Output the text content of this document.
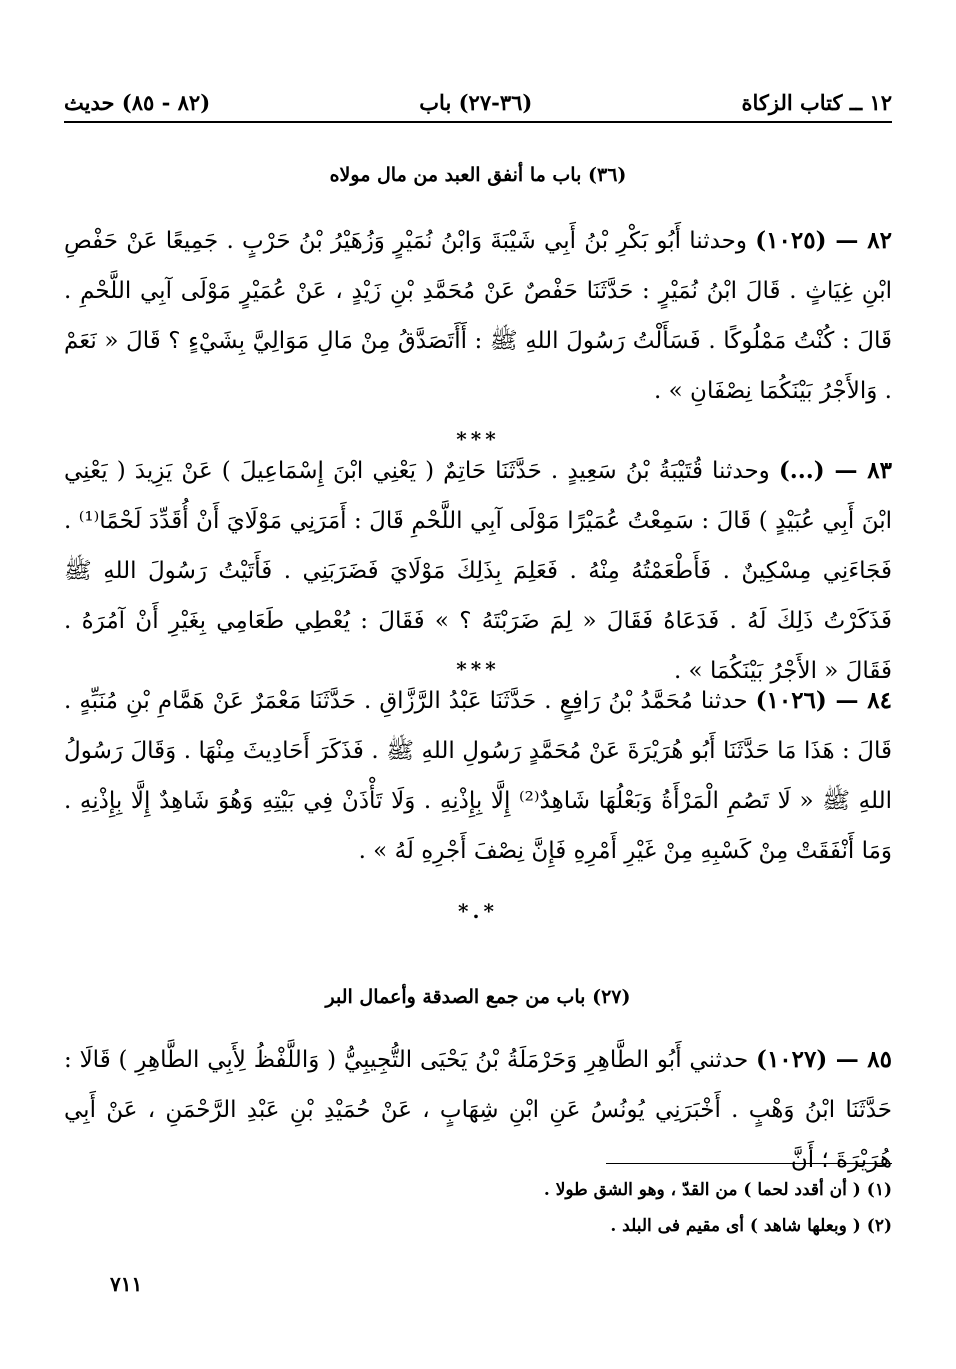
١٢ ــ كتاب الزكاة
(٣٦-٢٧) باب
(٨٢ - ٨٥) حديث
(٣٦) باب ما أنفق العبد من مال مولاه
٨٢ — (١٠٢٥) وحدثنا أَبُو بَكْرِ بْنُ أَبِي شَيْبَةَ وَابْنُ نُمَيْرٍ وَزُهَيْرُ بْنُ حَرْبٍ . جَمِيعًا عَنْ حَفْصِ ابْنِ غِيَاثٍ . قَالَ ابْنُ نُمَيْرٍ : حَدَّثَنَا حَفْصٌ عَنْ مُحَمَّدِ بْنِ زَيْدٍ ، عَنْ عُمَيْرٍ مَوْلَى آبِي اللَّحْمِ . قَالَ : كُنْتُ مَمْلُوكًا . فَسَأَلْتُ رَسُولَ اللهِ ﷺ : أَأَتَصَدَّقُ مِنْ مَالِ مَوَالِيَّ بِشَيْءٍ ؟ قَالَ « نَعَمْ . وَالأَجْرُ بَيْنَكُمَا نِصْفَانِ » .
***
٨٣ — (...) وحدثنا قُتَيْبَةُ بْنُ سَعِيدٍ . حَدَّثَنَا حَاتِمٌ ( يَعْنِي ابْنَ إِسْمَاعِيلَ ) عَنْ يَزِيدَ ( يَعْنِي ابْنَ أَبِي عُبَيْدٍ ) قَالَ : سَمِعْتُ عُمَيْرًا مَوْلَى آبِي اللَّحْمِ قَالَ : أَمَرَنِي مَوْلَايَ أَنْ أُقَدِّدَ لَحْمًا⁽¹⁾ . فَجَاءَنِي مِسْكِينٌ . فَأَطْعَمْتُهُ مِنْهُ . فَعَلِمَ بِذَلِكَ مَوْلَايَ فَضَرَبَنِي . فَأَتَيْتُ رَسُولَ اللهِ ﷺ فَذَكَرْتُ ذَلِكَ لَهُ . فَدَعَاهُ فَقَالَ « لِمَ ضَرَبْتَهُ ؟ » فَقَالَ : يُعْطِي طَعَامِي بِغَيْرِ أَنْ آمُرَهُ . فَقَالَ « الأَجْرُ بَيْنَكُمَا » .
***
٨٤ — (١٠٢٦) حدثنا مُحَمَّدُ بْنُ رَافِعٍ . حَدَّثَنَا عَبْدُ الرَّزَّاقِ . حَدَّثَنَا مَعْمَرٌ عَنْ هَمَّامِ بْنِ مُنَبِّهٍ . قَالَ : هَذَا مَا حَدَّثَنَا أَبُو هُرَيْرَةَ عَنْ مُحَمَّدٍ رَسُولِ اللهِ ﷺ . فَذَكَرَ أَحَادِيثَ مِنْهَا . وَقَالَ رَسُولُ اللهِ ﷺ « لَا تَصُمِ الْمَرْأَةُ وَبَعْلُهَا شَاهِدٌ⁽²⁾ إِلَّا بِإِذْنِهِ . وَلَا تَأْذَنْ فِي بَيْتِهِ وَهُوَ شَاهِدٌ إِلَّا بِإِذْنِهِ . وَمَا أَنْفَقَتْ مِنْ كَسْبِهِ مِنْ غَيْرِ أَمْرِهِ فَإِنَّ نِصْفَ أَجْرِهِ لَهُ » .
*.*
(٢٧) باب من جمع الصدقة وأعمال البر
٨٥ — (١٠٢٧) حدثني أَبُو الطَّاهِرِ وَحَرْمَلَةُ بْنُ يَحْيَى التُّجِيبِيُّ ( وَاللَّفْظُ لِأَبِي الطَّاهِرِ ) قَالَا : حَدَّثَنَا ابْنُ وَهْبٍ . أَخْبَرَنِي يُونُسُ عَنِ ابْنِ شِهَابٍ ، عَنْ حُمَيْدِ بْنِ عَبْدِ الرَّحْمَنِ ، عَنْ أَبِي هُرَيْرَةَ ؛ أَنَّ
(١) ( أن أقدد لحما ) من القدّ ، وهو الشق طولا .
(٢) ( وبعلها شاهد ) أى مقيم فى البلد .
٧١١
